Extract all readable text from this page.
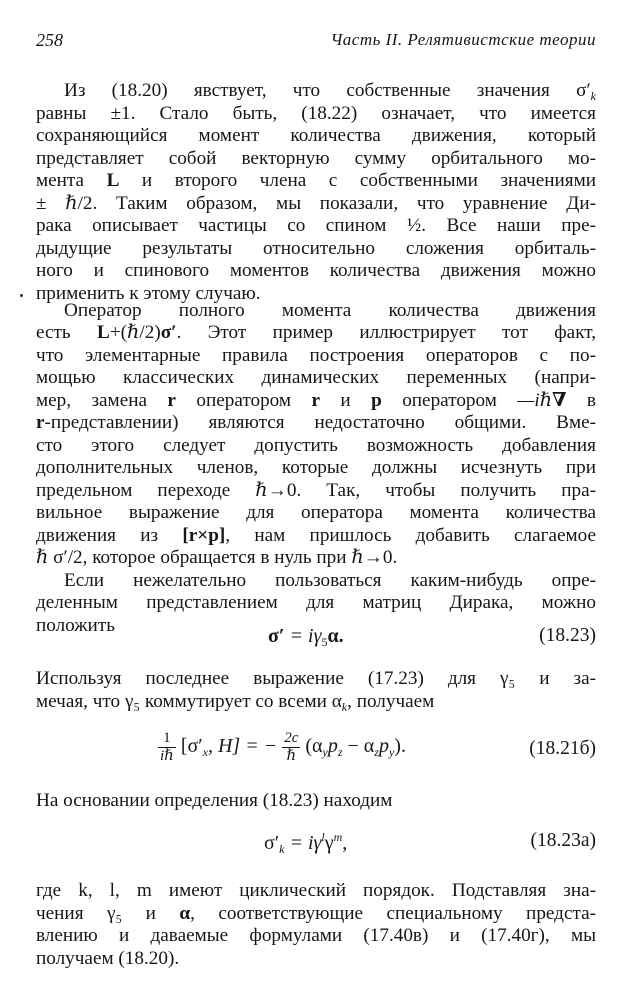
258	Часть II. Релятивистские теории
Из (18.20) явствует, что собственные значения $\sigma'_k$
равны ±1. Стало быть, (18.22) означает, что имеется
сохраняющийся момент количества движения, который
представляет собой векторную сумму орбитального мо-
мента L и второго члена с собственными значениями
± ℏ/2. Таким образом, мы показали, что уравнение Ди-
рака описывает частицы со спином ½. Все наши пре-
дыдущие результаты относительно сложения орбиталь-
ного и спинового моментов количества движения можно
применить к этому случаю.
Оператор полного момента количества движения
есть L+(ℏ/2)σ′. Этот пример иллюстрирует тот факт,
что элементарные правила построения операторов с по-
мощью классических динамических переменных (напри-
мер, замена r оператором r и p оператором —iℏ∇ в
r-представлении) являются недостаточно общими. Вме-
сто этого следует допустить возможность добавления
дополнительных членов, которые должны исчезнуть при
предельном переходе ℏ→0. Так, чтобы получить пра-
вильное выражение для оператора момента количества
движения из [r×p], нам пришлось добавить слагаемое
ℏ σ′/2, которое обращается в нуль при ℏ→0.
Если нежелательно пользоваться каким-нибудь опре-
деленным представлением для матриц Дирака, можно
положить	$\sigma' = i\gamma_5\alpha$.	(18.23)
Используя последнее выражение (17.23) для γ₅ и за-
мечая, что γ₅ коммутирует со всеми $\alpha_k$, получаем
$\frac{1}{\text{iℏ}} [\sigma'_x$, H] = − $\frac{2c}{\text{ℏ}} (\alpha_yp_z - \alpha_zp_y)$.	(18.21б)
На основании определения (18.23) находим
$\sigma'_k = i\gamma^l\gamma^m$,	(18.23а)
где k, l, m имеют циклический порядок. Подставляя зна-
чения γ₅ и α, соответствующие специальному предста-
влению и даваемые формулами (17.40в) и (17.40г), мы
получаем (18.20).
